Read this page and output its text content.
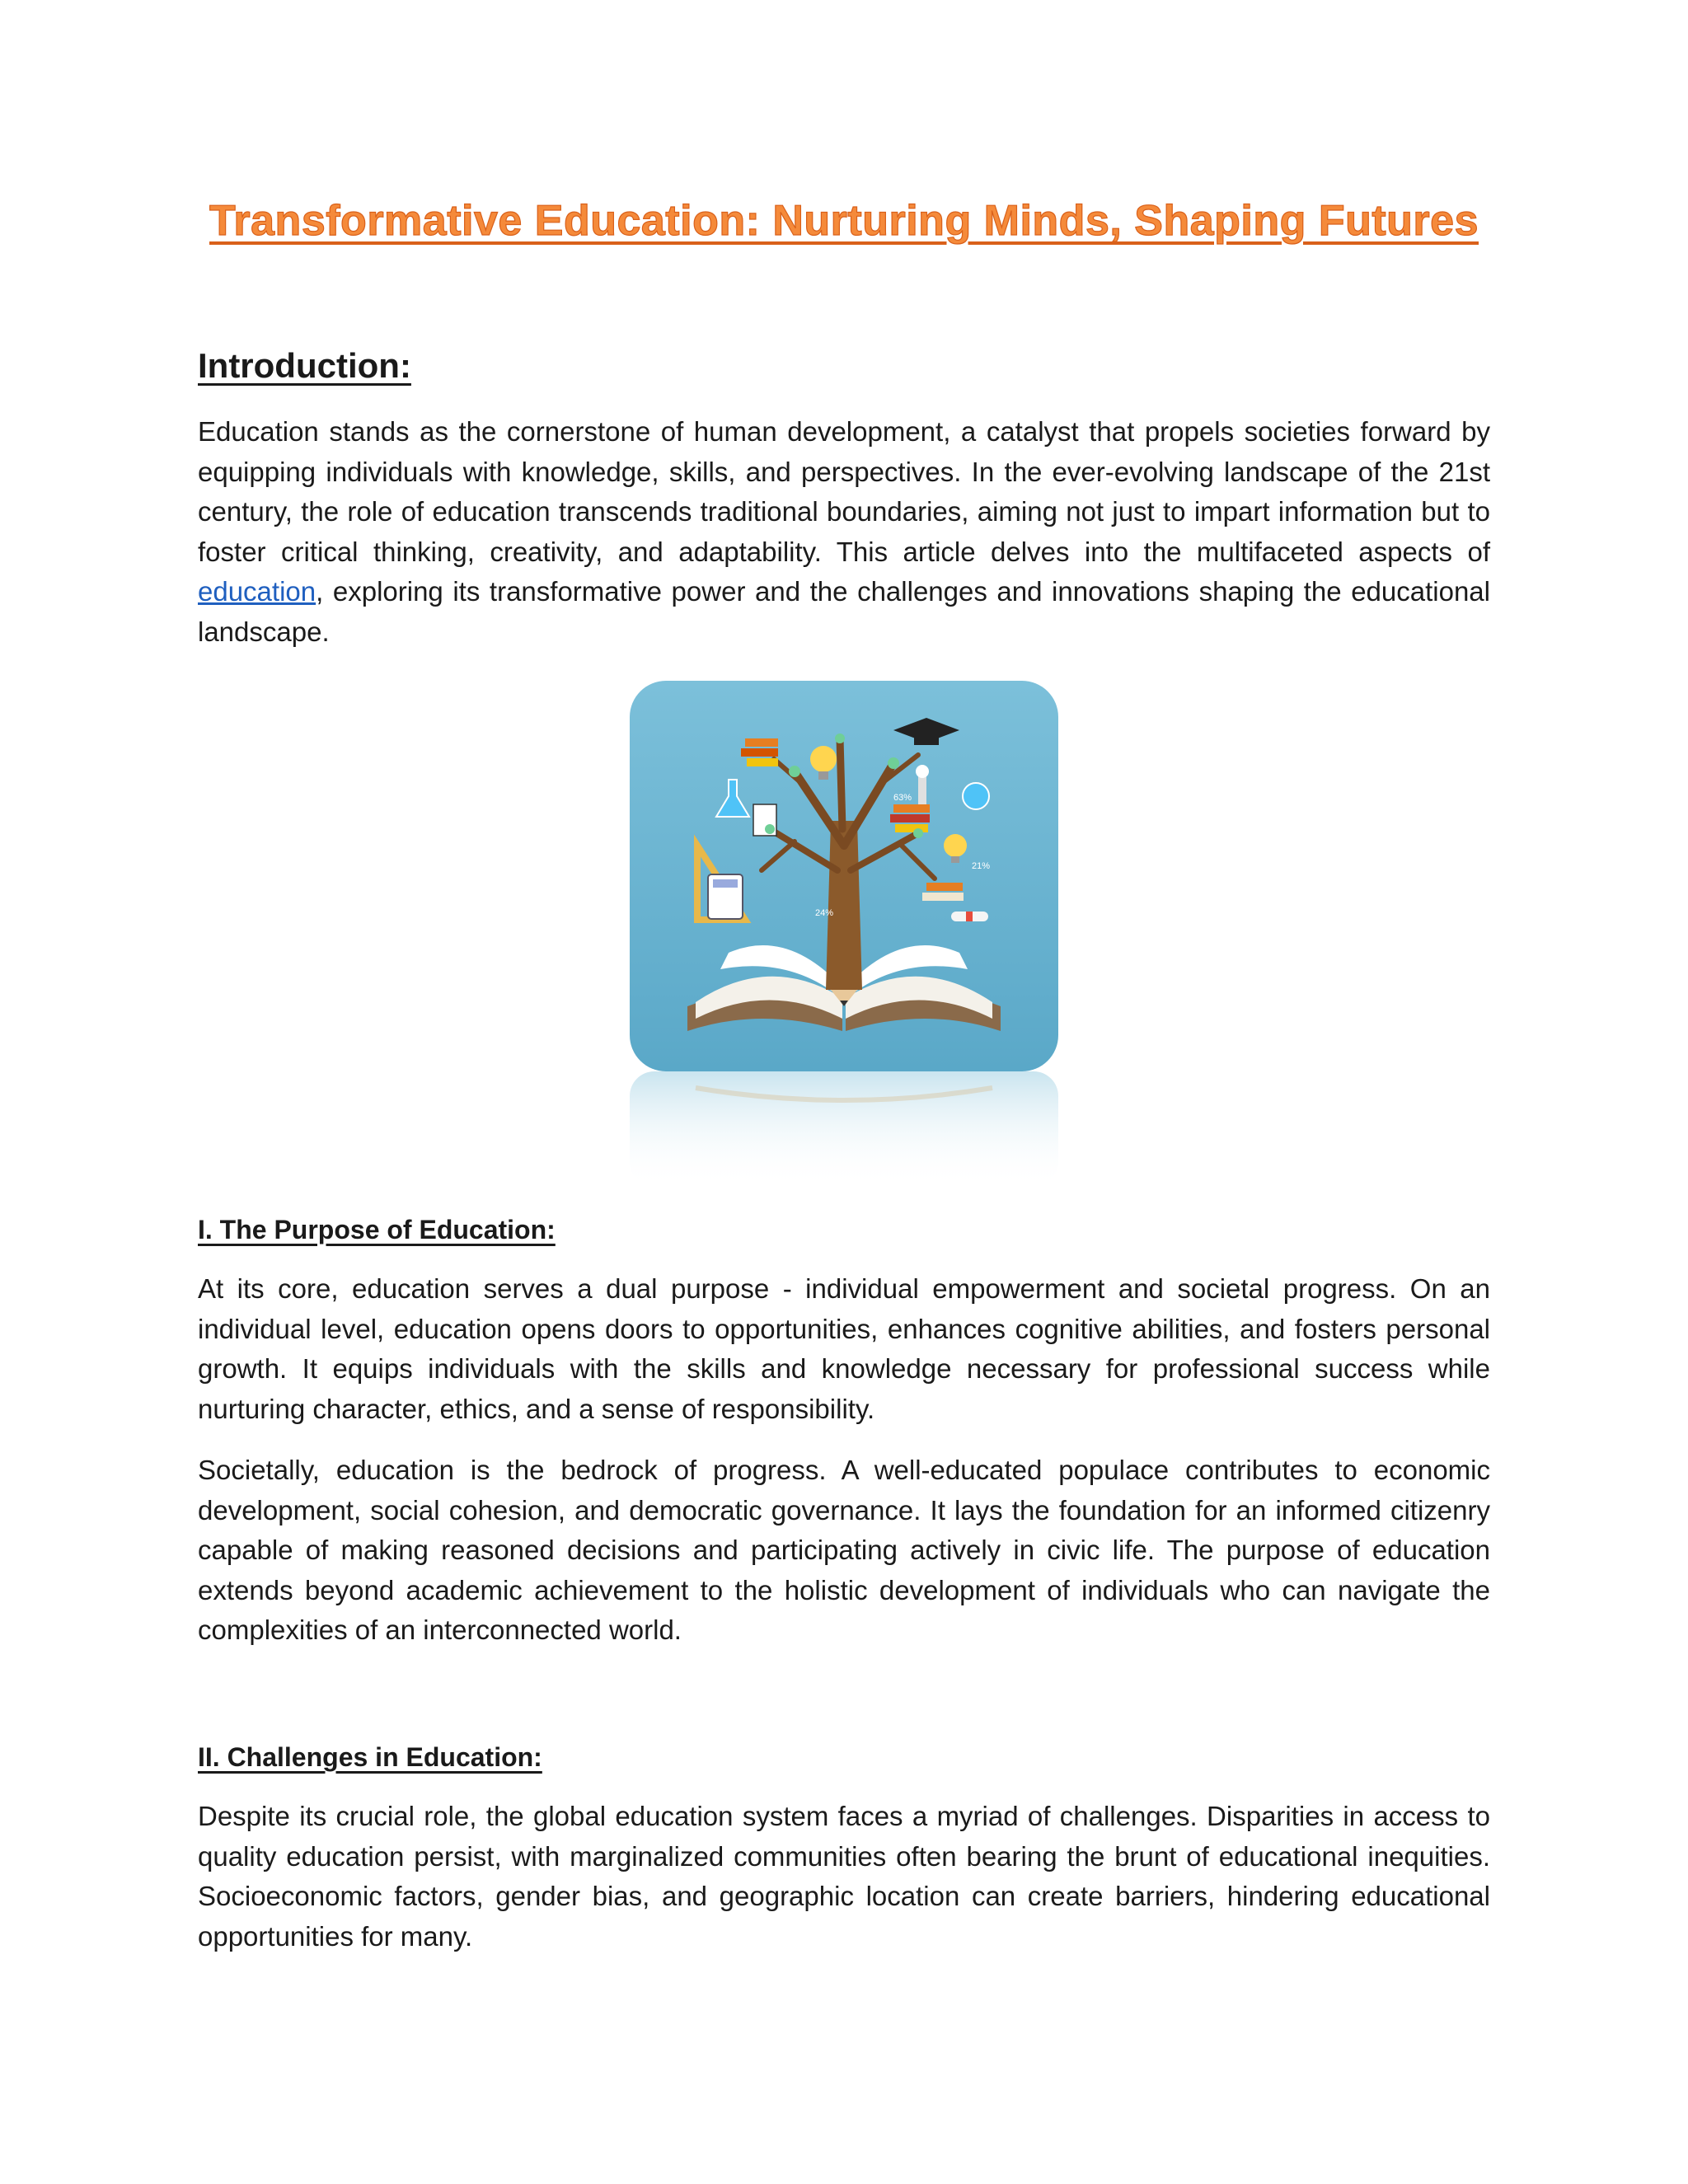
Transformative Education: Nurturing Minds, Shaping Futures
Introduction:

Education stands as the cornerstone of human development, a catalyst that propels societies forward by equipping individuals with knowledge, skills, and perspectives. In the ever-evolving landscape of the 21st century, the role of education transcends traditional boundaries, aiming not just to impart information but to foster critical thinking, creativity, and adaptability. This article delves into the multifaceted aspects of education, exploring its transformative power and the challenges and innovations shaping the educational landscape.

63%
24%
21%
I. The Purpose of Education:

At its core, education serves a dual purpose - individual empowerment and societal progress. On an individual level, education opens doors to opportunities, enhances cognitive abilities, and fosters personal growth. It equips individuals with the skills and knowledge necessary for professional success while nurturing character, ethics, and a sense of responsibility.

Societally, education is the bedrock of progress. A well-educated populace contributes to economic development, social cohesion, and democratic governance. It lays the foundation for an informed citizenry capable of making reasoned decisions and participating actively in civic life. The purpose of education extends beyond academic achievement to the holistic development of individuals who can navigate the complexities of an interconnected world.

II. Challenges in Education:

Despite its crucial role, the global education system faces a myriad of challenges. Disparities in access to quality education persist, with marginalized communities often bearing the brunt of educational inequities. Socioeconomic factors, gender bias, and geographic location can create barriers, hindering educational opportunities for many.
